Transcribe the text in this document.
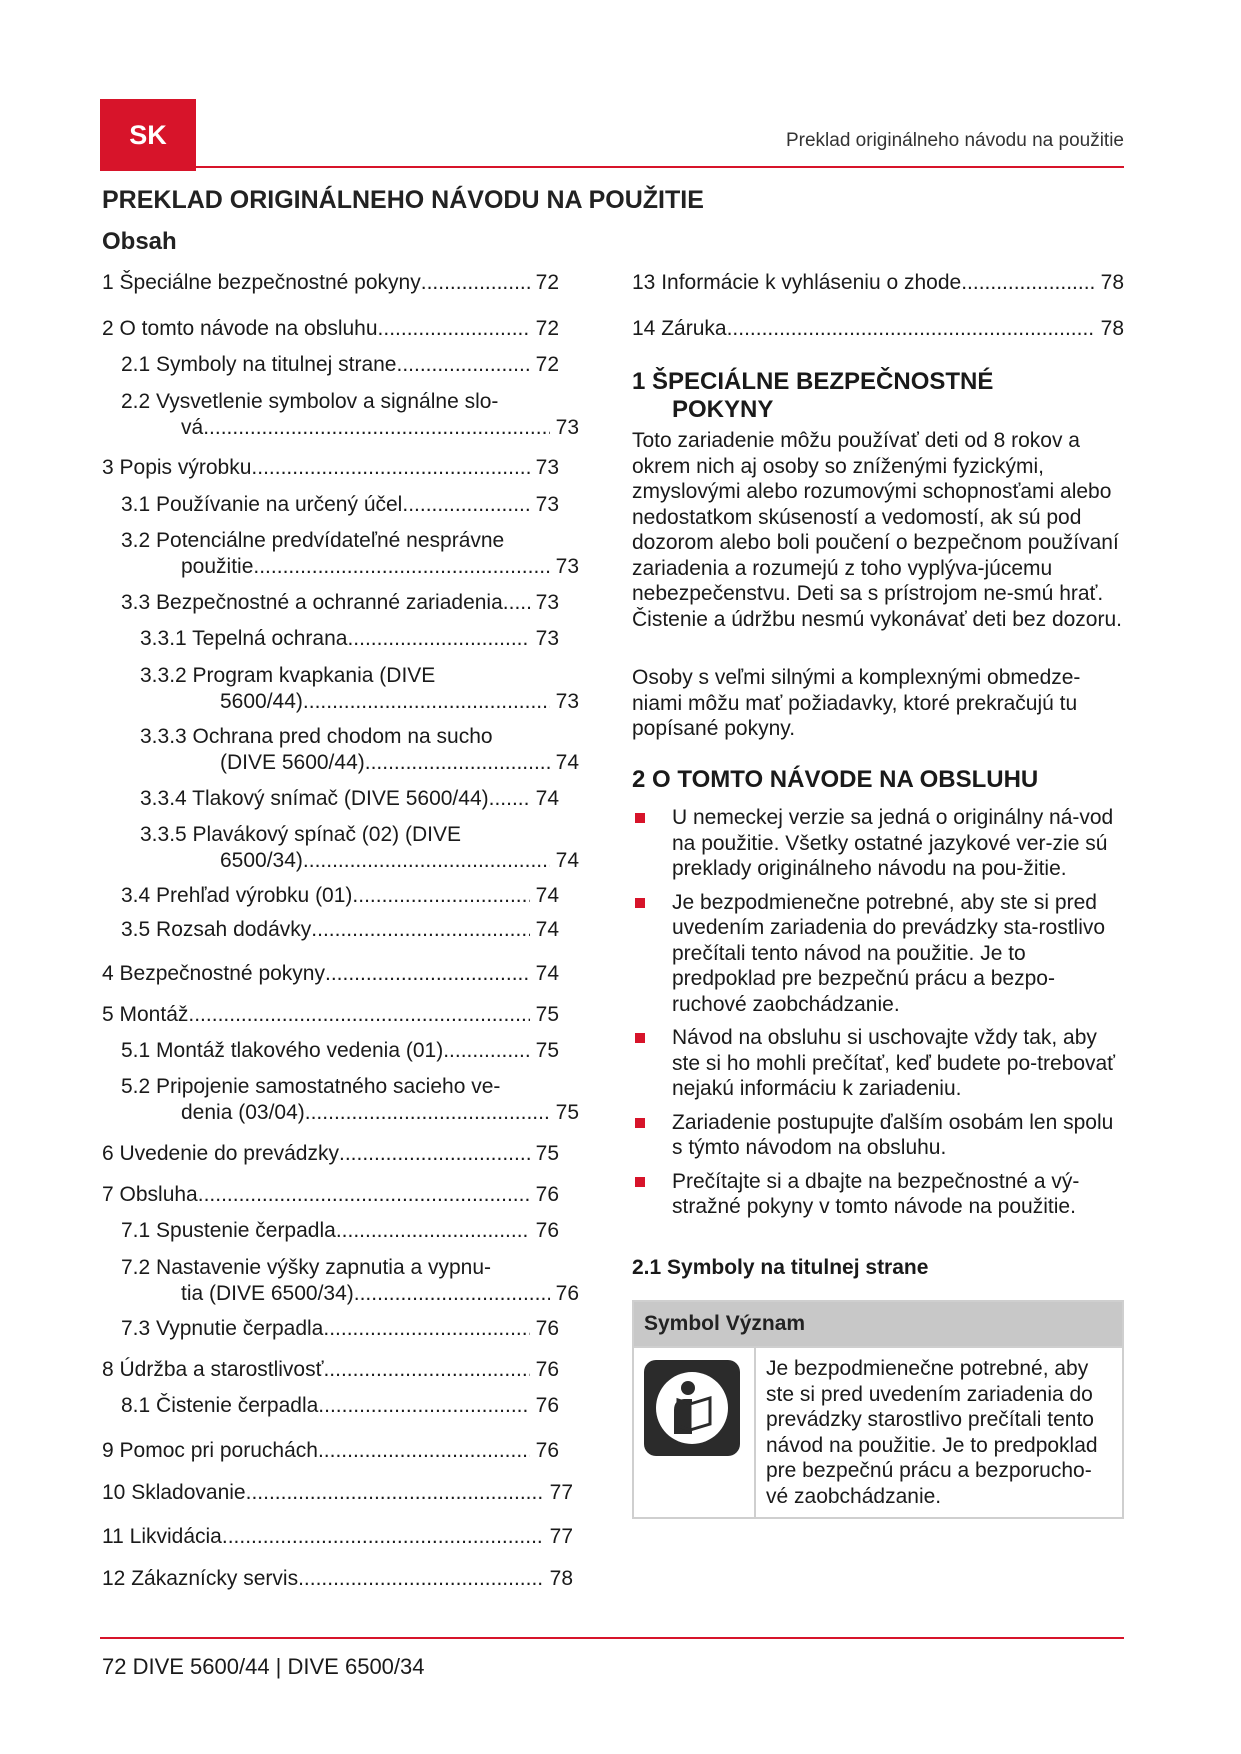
SK	Preklad originálneho návodu na použitie
PREKLAD ORIGINÁLNEHO NÁVODU NA POUŽITIE
Obsah
1 Špeciálne bezpečnostné pokyny .....	72
2 O tomto návode na obsluhu .....	72
2.1 Symboly na titulnej strane .....	72
2.2 Vysvetlenie symbolov a signálne slo-
vá .....	73
3 Popis výrobku .....	73
3.1 Používanie na určený účel .....	73
3.2 Potenciálne predvídateľné nesprávne
použitie .....	73
3.3 Bezpečnostné a ochranné zariadenia ..... 73
3.3.1 Tepelná ochrana .....	73
3.3.2 Program kvapkania (DIVE
5600/44) .....	73
3.3.3 Ochrana pred chodom na sucho
(DIVE 5600/44) .....	74
3.3.4 Tlakový snímač (DIVE 5600/44) ..... 74
3.3.5 Plavákový spínač (02) (DIVE
6500/34) .....	74
3.4 Prehľad výrobku (01) .....	74
3.5 Rozsah dodávky .....	74
4 Bezpečnostné pokyny .....	74
5 Montáž .....	75
5.1 Montáž tlakového vedenia (01) .....	75
5.2 Pripojenie samostatného sacieho ve-
denia (03/04) .....	75
6 Uvedenie do prevádzky .....	75
7 Obsluha .....	76
7.1 Spustenie čerpadla .....	76
7.2 Nastavenie výšky zapnutia a vypnu-
tia (DIVE 6500/34) .....	76
7.3 Vypnutie čerpadla .....	76
8 Údržba a starostlivosť .....	76
8.1 Čistenie čerpadla .....	76
9 Pomoc pri poruchách .....	76
10 Skladovanie .....	77
11 Likvidácia .....	77
12 Zákaznícky servis .....	78
13 Informácie k vyhláseniu o zhode .....	78
14 Záruka .....	78
1 ŠPECIÁLNE BEZPEČNOSTNÉ
POKYNY
Toto zariadenie môžu používať deti od 8 rokov a okrem nich aj osoby so zníženými fyzickými, zmyslovými alebo rozumovými schopnosťami alebo nedostatkom skúseností a vedomostí, ak sú pod dozorom alebo boli poučení o bezpečnom používaní zariadenia a rozumejú z toho vyplýva-júcemu nebezpečenstvu. Deti sa s prístrojom ne-smú hrať. Čistenie a údržbu nesmú vykonávať deti bez dozoru.
Osoby s veľmi silnými a komplexnými obmedze-niami môžu mať požiadavky, ktoré prekračujú tu popísané pokyny.
2 O TOMTO NÁVODE NA OBSLUHU
U nemeckej verzie sa jedná o originálny ná-vod na použitie. Všetky ostatné jazykové ver-zie sú preklady originálneho návodu na pou-žitie.
Je bezpodmienečne potrebné, aby ste si pred uvedením zariadenia do prevádzky sta-rostlivo prečítali tento návod na použitie. Je to predpoklad pre bezpečnú prácu a bezpo-ruchové zaobchádzanie.
Návod na obsluhu si uschovajte vždy tak, aby ste si ho mohli prečítať, keď budete po-trebovať nejakú informáciu k zariadeniu.
Zariadenie postupujte ďalším osobám len spolu s týmto návodom na obsluhu.
Prečítajte si a dbajte na bezpečnostné a vý-stražné pokyny v tomto návode na použitie.
2.1 Symboly na titulnej strane
Symbol Význam

	Je bezpodmienečne potrebné, aby ste si pred uvedením zariadenia do prevádzky starostlivo prečítali tento návod na použitie. Je to predpoklad pre bezpečnú prácu a bezporucho-vé zaobchádzanie.
72 DIVE 5600/44 | DIVE 6500/34
